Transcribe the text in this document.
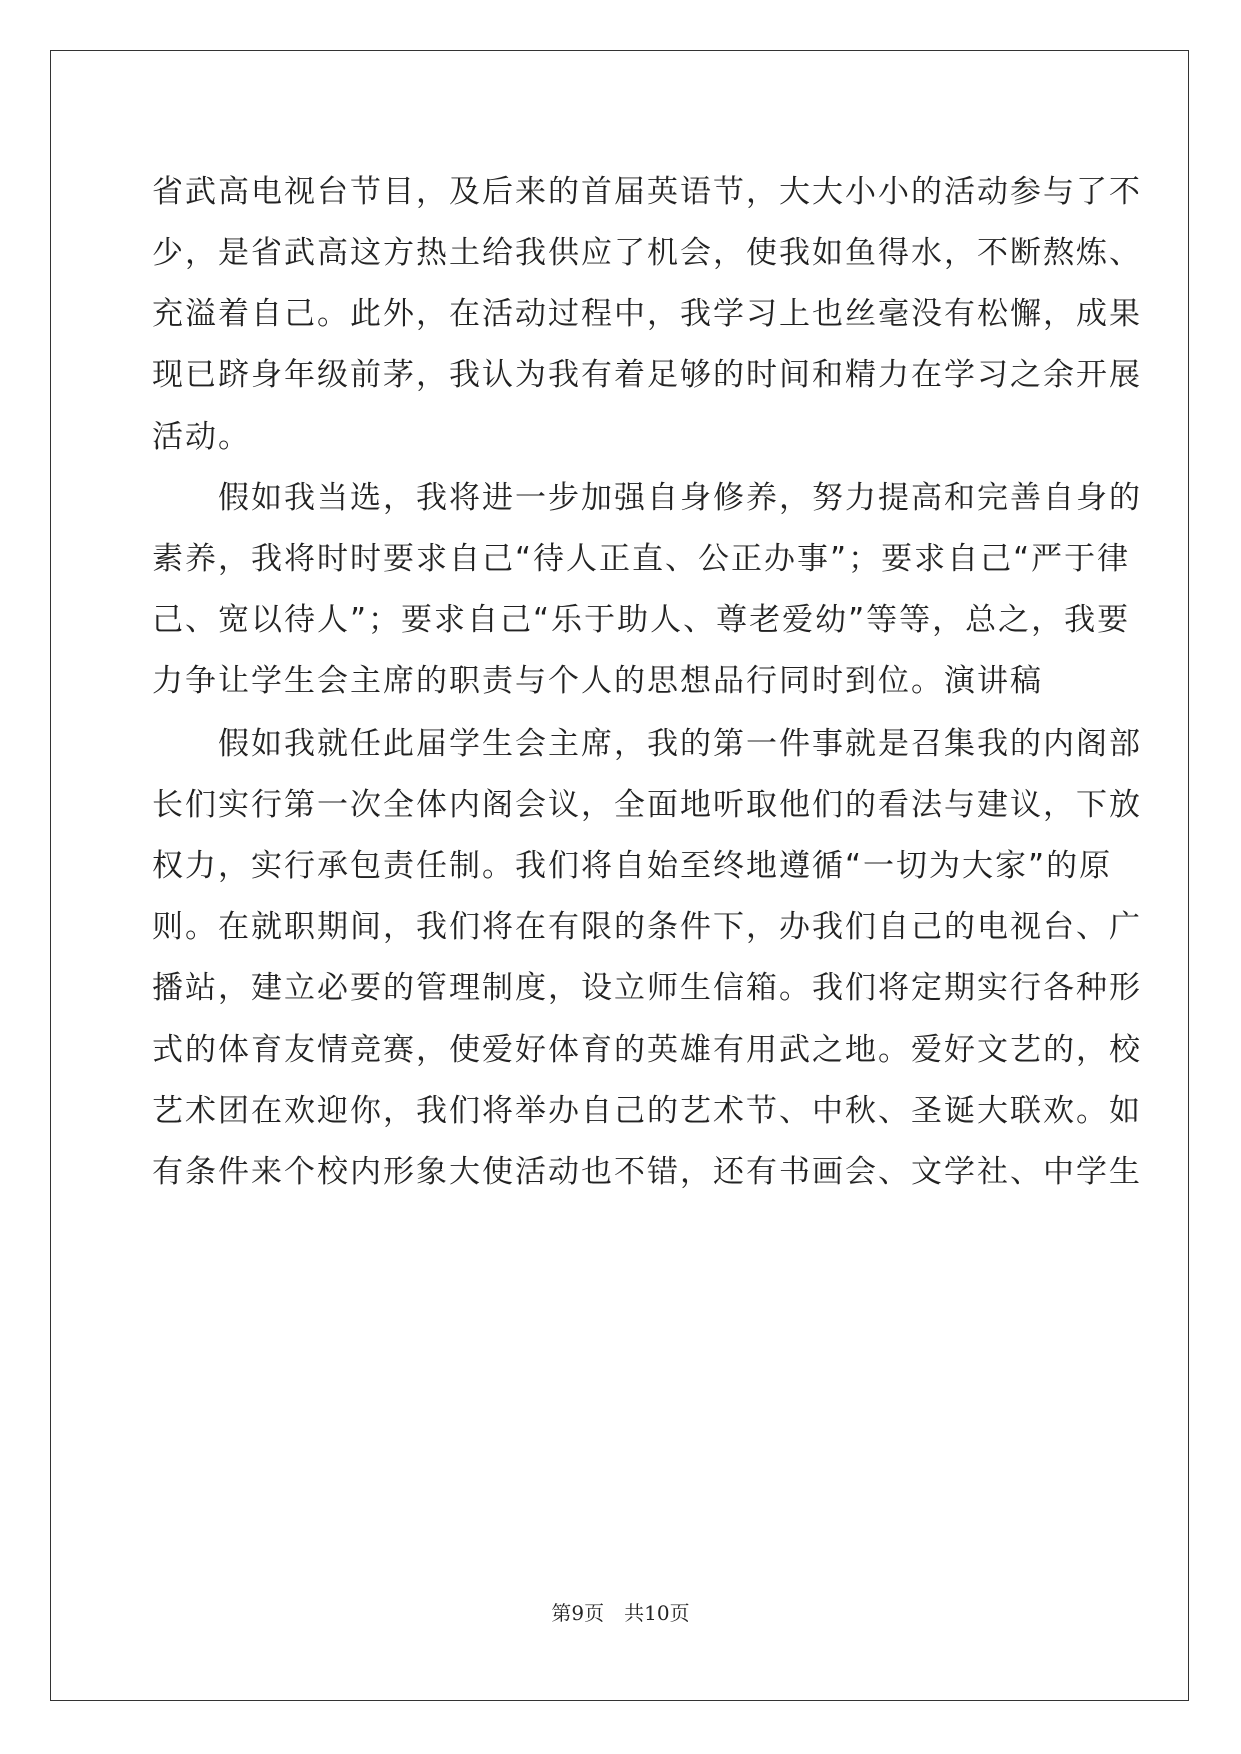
省武高电视台节目，及后来的首届英语节，大大小小的活动参与了不
少，是省武高这方热土给我供应了机会，使我如鱼得水，不断熬炼、
充溢着自己。此外，在活动过程中，我学习上也丝毫没有松懈，成果
现已跻身年级前茅，我认为我有着足够的时间和精力在学习之余开展
活动。
　　假如我当选，我将进一步加强自身修养，努力提高和完善自身的
素养，我将时时要求自己“待人正直、公正办事”；要求自己“严于律
己、宽以待人”；要求自己“乐于助人、尊老爱幼”等等，总之，我要
力争让学生会主席的职责与个人的思想品行同时到位。演讲稿
　　假如我就任此届学生会主席，我的第一件事就是召集我的内阁部
长们实行第一次全体内阁会议，全面地听取他们的看法与建议，下放
权力，实行承包责任制。我们将自始至终地遵循“一切为大家”的原
则。在就职期间，我们将在有限的条件下，办我们自己的电视台、广
播站，建立必要的管理制度，设立师生信箱。我们将定期实行各种形
式的体育友情竞赛，使爱好体育的英雄有用武之地。爱好文艺的，校
艺术团在欢迎你，我们将举办自己的艺术节、中秋、圣诞大联欢。如
有条件来个校内形象大使活动也不错，还有书画会、文学社、中学生
第9页　共10页
